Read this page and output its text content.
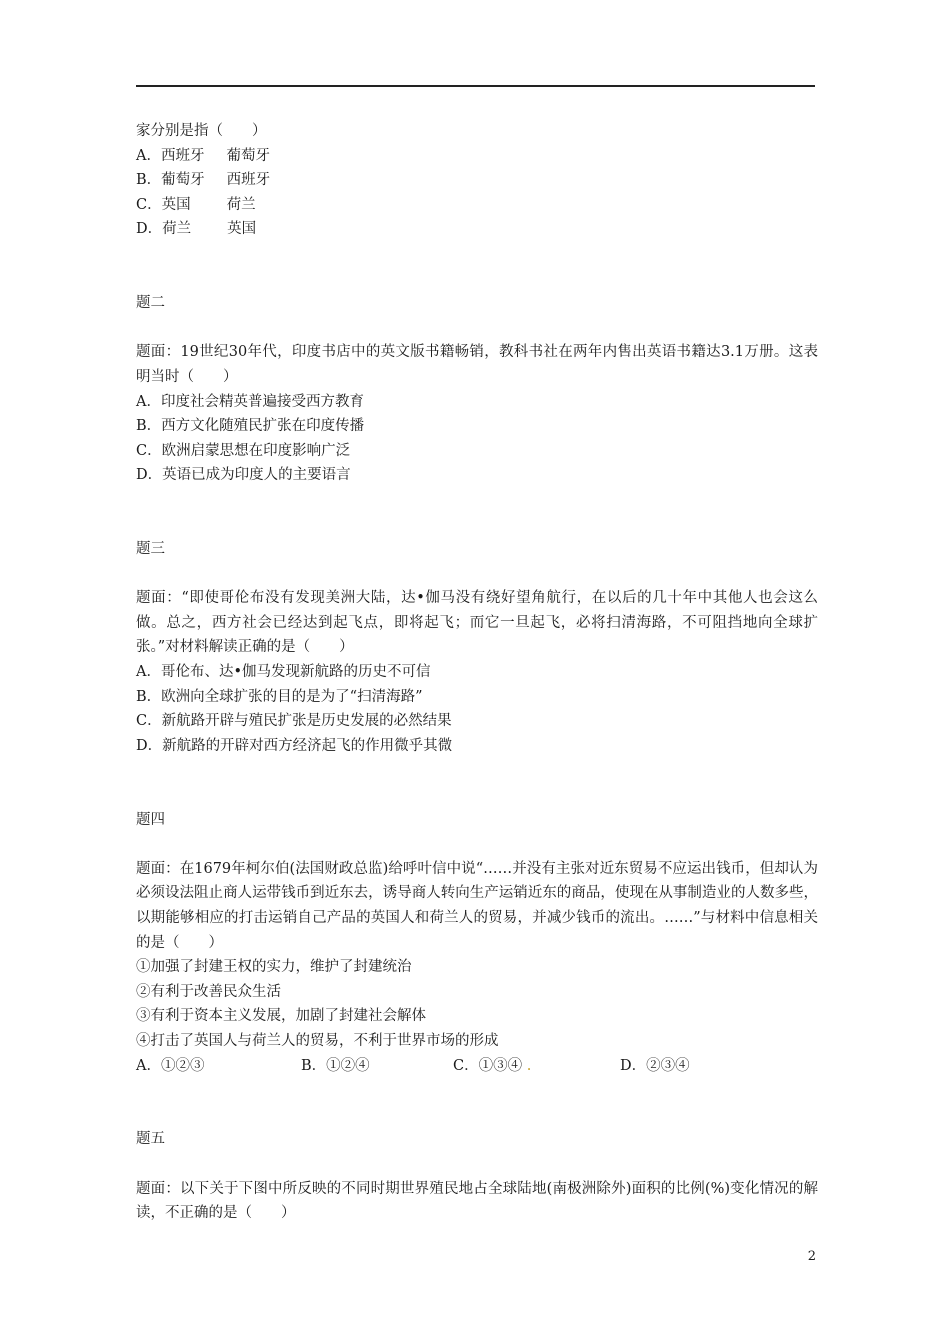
家分别是指（　　）
A．西班牙 葡萄牙
B．葡萄牙 西班牙
C．英国 荷兰
D．荷兰 英国
题二
题面：19世纪30年代，印度书店中的英文版书籍畅销，教科书社在两年内售出英语书籍达3.1万册。这表明当时（　　）
A．印度社会精英普遍接受西方教育
B．西方文化随殖民扩张在印度传播
C．欧洲启蒙思想在印度影响广泛
D．英语已成为印度人的主要语言
题三
题面：“即使哥伦布没有发现美洲大陆，达•伽马没有绕好望角航行，在以后的几十年中其他人也会这么做。总之，西方社会已经达到起飞点，即将起飞；而它一旦起飞，必将扫清海路，不可阻挡地向全球扩张。”对材料解读正确的是（　　）
A．哥伦布、达•伽马发现新航路的历史不可信
B．欧洲向全球扩张的目的是为了“扫清海路”
C．新航路开辟与殖民扩张是历史发展的必然结果
D．新航路的开辟对西方经济起飞的作用微乎其微
题四
题面：在1679年柯尔伯(法国财政总监)给呼叶信中说“……并没有主张对近东贸易不应运出钱币，但却认为必须设法阻止商人运带钱币到近东去，诱导商人转向生产运销近东的商品，使现在从事制造业的人数多些，以期能够相应的打击运销自己产品的英国人和荷兰人的贸易，并减少钱币的流出。……”与材料中信息相关的是（　　）
①加强了封建王权的实力，维护了封建统治
②有利于改善民众生活
③有利于资本主义发展，加剧了封建社会解体
④打击了英国人与荷兰人的贸易，不利于世界市场的形成
A．①②③	B．①②④	C．①③④ .	D．②③④
题五
题面：以下关于下图中所反映的不同时期世界殖民地占全球陆地(南极洲除外)面积的比例(%)变化情况的解读，不正确的是（　　）
2
